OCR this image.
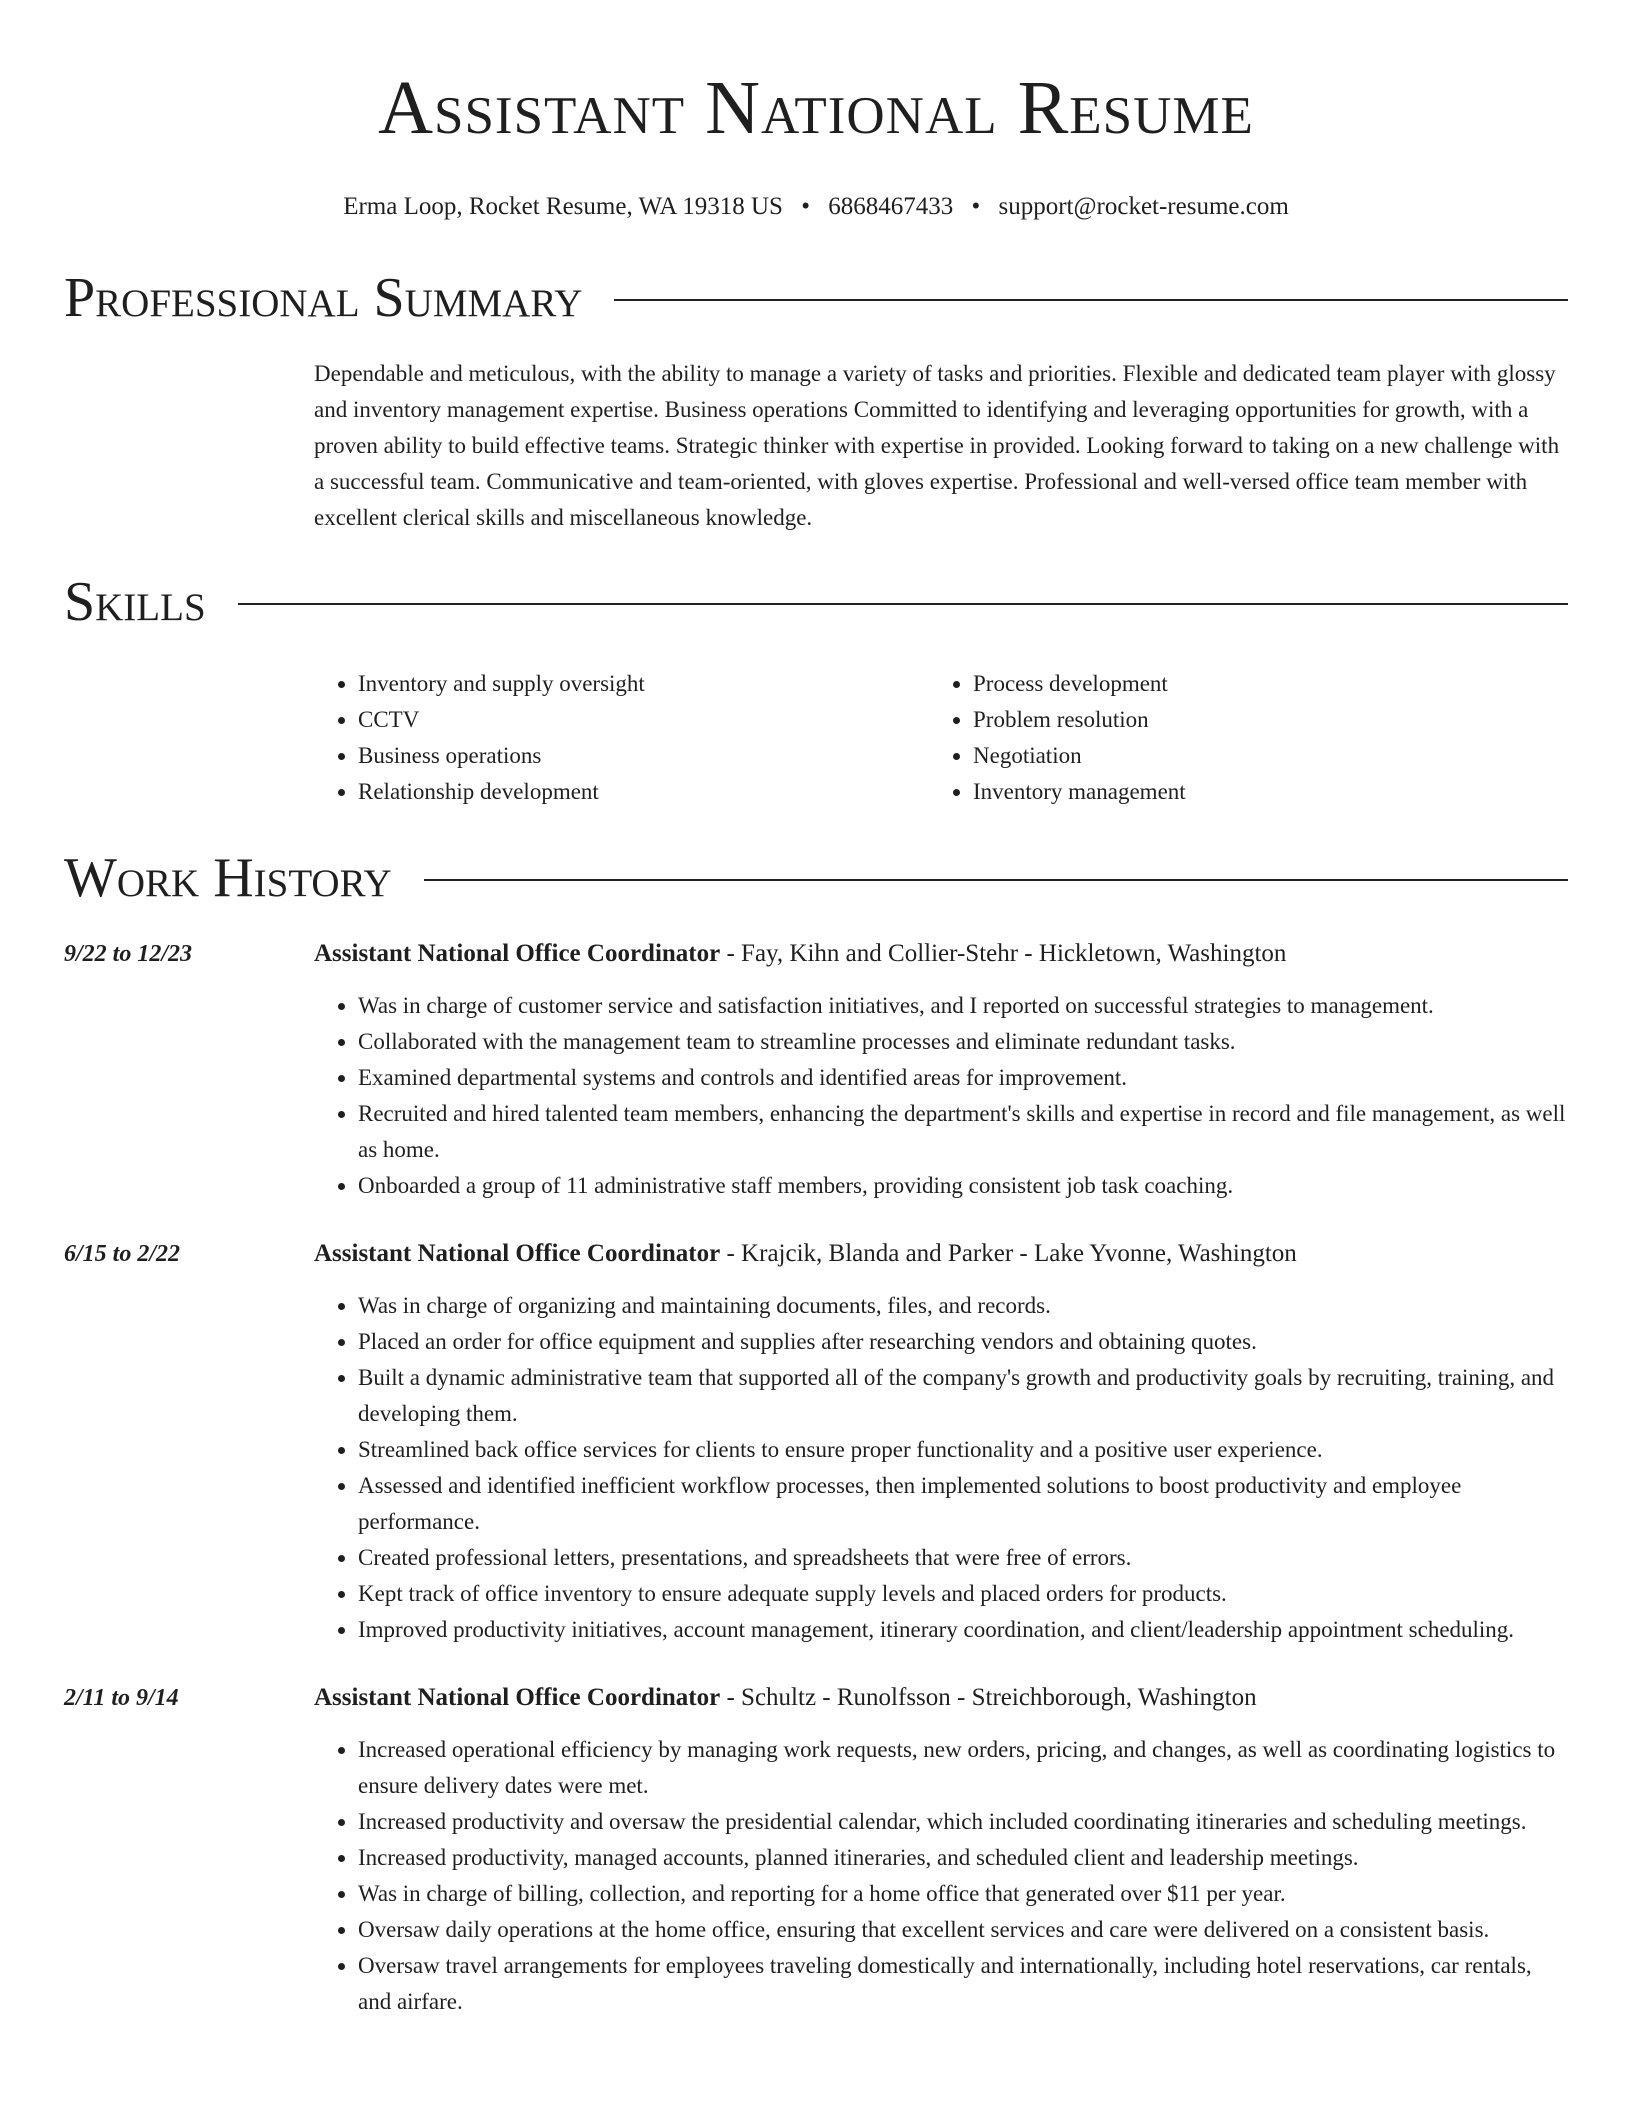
Assistant National Resume
Erma Loop, Rocket Resume, WA 19318 US • 6868467433 • support@rocket-resume.com
Professional Summary

Dependable and meticulous, with the ability to manage a variety of tasks and priorities. Flexible and dedicated team player with glossy and inventory management expertise. Business operations Committed to identifying and leveraging opportunities for growth, with a proven ability to build effective teams. Strategic thinker with expertise in provided. Looking forward to taking on a new challenge with a successful team. Communicative and team-oriented, with gloves expertise. Professional and well-versed office team member with excellent clerical skills and miscellaneous knowledge.

Skills
• Inventory and supply oversight
• CCTV
• Business operations
• Relationship development
• Process development
• Problem resolution
• Negotiation
• Inventory management
Work History
9/22 to 12/23	Assistant National Office Coordinator - Fay, Kihn and Collier-Stehr - Hickletown, Washington
• Was in charge of customer service and satisfaction initiatives, and I reported on successful strategies to management.
• Collaborated with the management team to streamline processes and eliminate redundant tasks.
• Examined departmental systems and controls and identified areas for improvement.
• Recruited and hired talented team members, enhancing the department's skills and expertise in record and file management, as well as home.
• Onboarded a group of 11 administrative staff members, providing consistent job task coaching.
6/15 to 2/22	Assistant National Office Coordinator - Krajcik, Blanda and Parker - Lake Yvonne, Washington
• Was in charge of organizing and maintaining documents, files, and records.
• Placed an order for office equipment and supplies after researching vendors and obtaining quotes.
• Built a dynamic administrative team that supported all of the company's growth and productivity goals by recruiting, training, and developing them.
• Streamlined back office services for clients to ensure proper functionality and a positive user experience.
• Assessed and identified inefficient workflow processes, then implemented solutions to boost productivity and employee performance.
• Created professional letters, presentations, and spreadsheets that were free of errors.
• Kept track of office inventory to ensure adequate supply levels and placed orders for products.
• Improved productivity initiatives, account management, itinerary coordination, and client/leadership appointment scheduling.
2/11 to 9/14	Assistant National Office Coordinator - Schultz - Runolfsson - Streichborough, Washington
• Increased operational efficiency by managing work requests, new orders, pricing, and changes, as well as coordinating logistics to ensure delivery dates were met.
• Increased productivity and oversaw the presidential calendar, which included coordinating itineraries and scheduling meetings.
• Increased productivity, managed accounts, planned itineraries, and scheduled client and leadership meetings.
• Was in charge of billing, collection, and reporting for a home office that generated over $11 per year.
• Oversaw daily operations at the home office, ensuring that excellent services and care were delivered on a consistent basis.
• Oversaw travel arrangements for employees traveling domestically and internationally, including hotel reservations, car rentals, and airfare.
